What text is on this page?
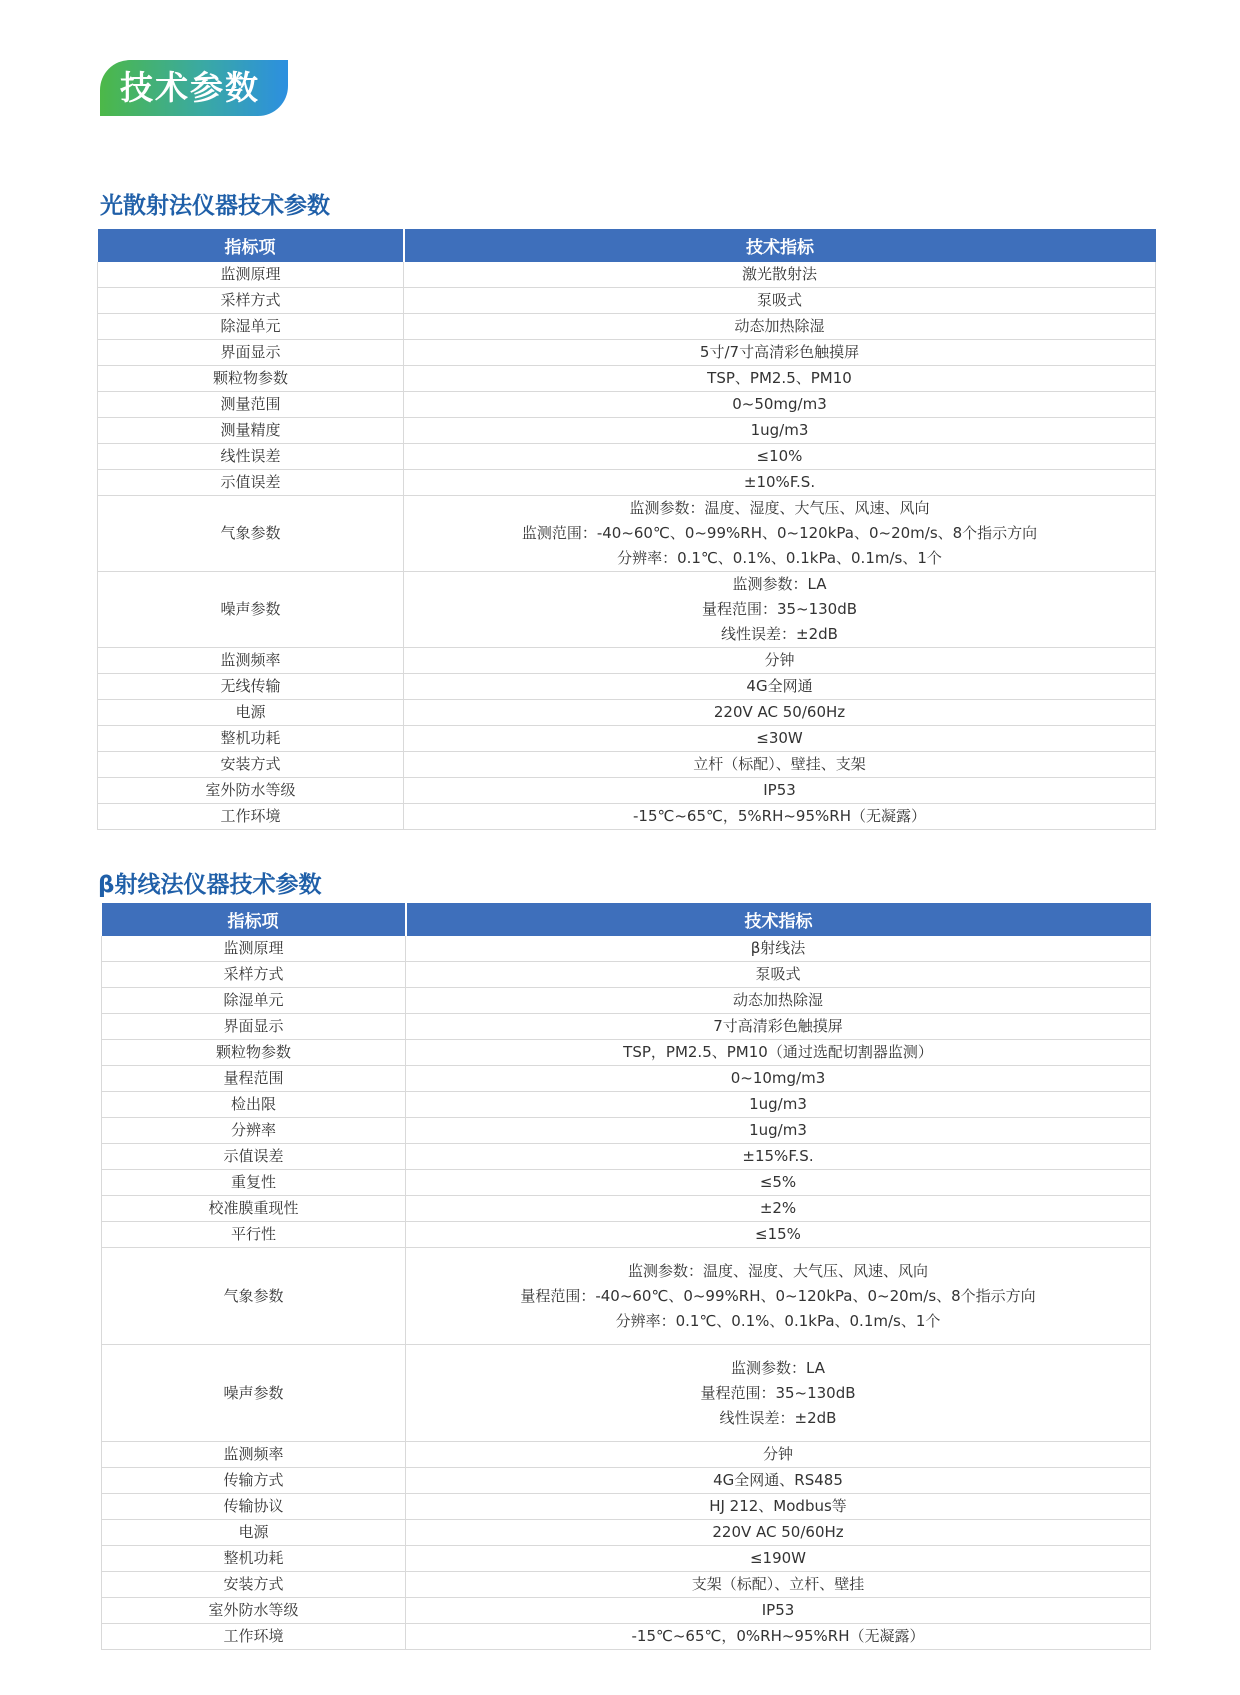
技术参数
光散射法仪器技术参数
指标项	技术指标
监测原理	激光散射法
采样方式	泵吸式
除湿单元	动态加热除湿
界面显示	5寸/7寸高清彩色触摸屏
颗粒物参数	TSP、PM2.5、PM10
测量范围	0~50mg/m3
测量精度	1ug/m3
线性误差	≤10%
示值误差	±10%F.S.
气象参数	监测参数：温度、湿度、大气压、风速、风向
监测范围：-40~60℃、0~99%RH、0~120kPa、0~20m/s、8个指示方向
分辨率：0.1℃、0.1%、0.1kPa、0.1m/s、1个

噪声参数	监测参数：LA
量程范围：35~130dB
线性误差：±2dB

监测频率	分钟
无线传输	4G全网通
电源	220V AC 50/60Hz
整机功耗	≤30W
安装方式	立杆（标配）、壁挂、支架
室外防水等级	IP53
工作环境	-15℃~65℃，5%RH~95%RH（无凝露）
β射线法仪器技术参数
指标项	技术指标
监测原理	β射线法
采样方式	泵吸式
除湿单元	动态加热除湿
界面显示	7寸高清彩色触摸屏
颗粒物参数	TSP，PM2.5、PM10（通过选配切割器监测）
量程范围	0~10mg/m3
检出限	1ug/m3
分辨率	1ug/m3
示值误差	±15%F.S.
重复性	≤5%
校准膜重现性	±2%
平行性	≤15%
气象参数	监测参数：温度、湿度、大气压、风速、风向
量程范围：-40~60℃、0~99%RH、0~120kPa、0~20m/s、8个指示方向
分辨率：0.1℃、0.1%、0.1kPa、0.1m/s、1个

噪声参数	监测参数：LA
量程范围：35~130dB
线性误差：±2dB

监测频率	分钟
传输方式	4G全网通、RS485
传输协议	HJ 212、Modbus等
电源	220V AC 50/60Hz
整机功耗	≤190W
安装方式	支架（标配）、立杆、壁挂
室外防水等级	IP53
工作环境	-15℃~65℃，0%RH~95%RH（无凝露）
